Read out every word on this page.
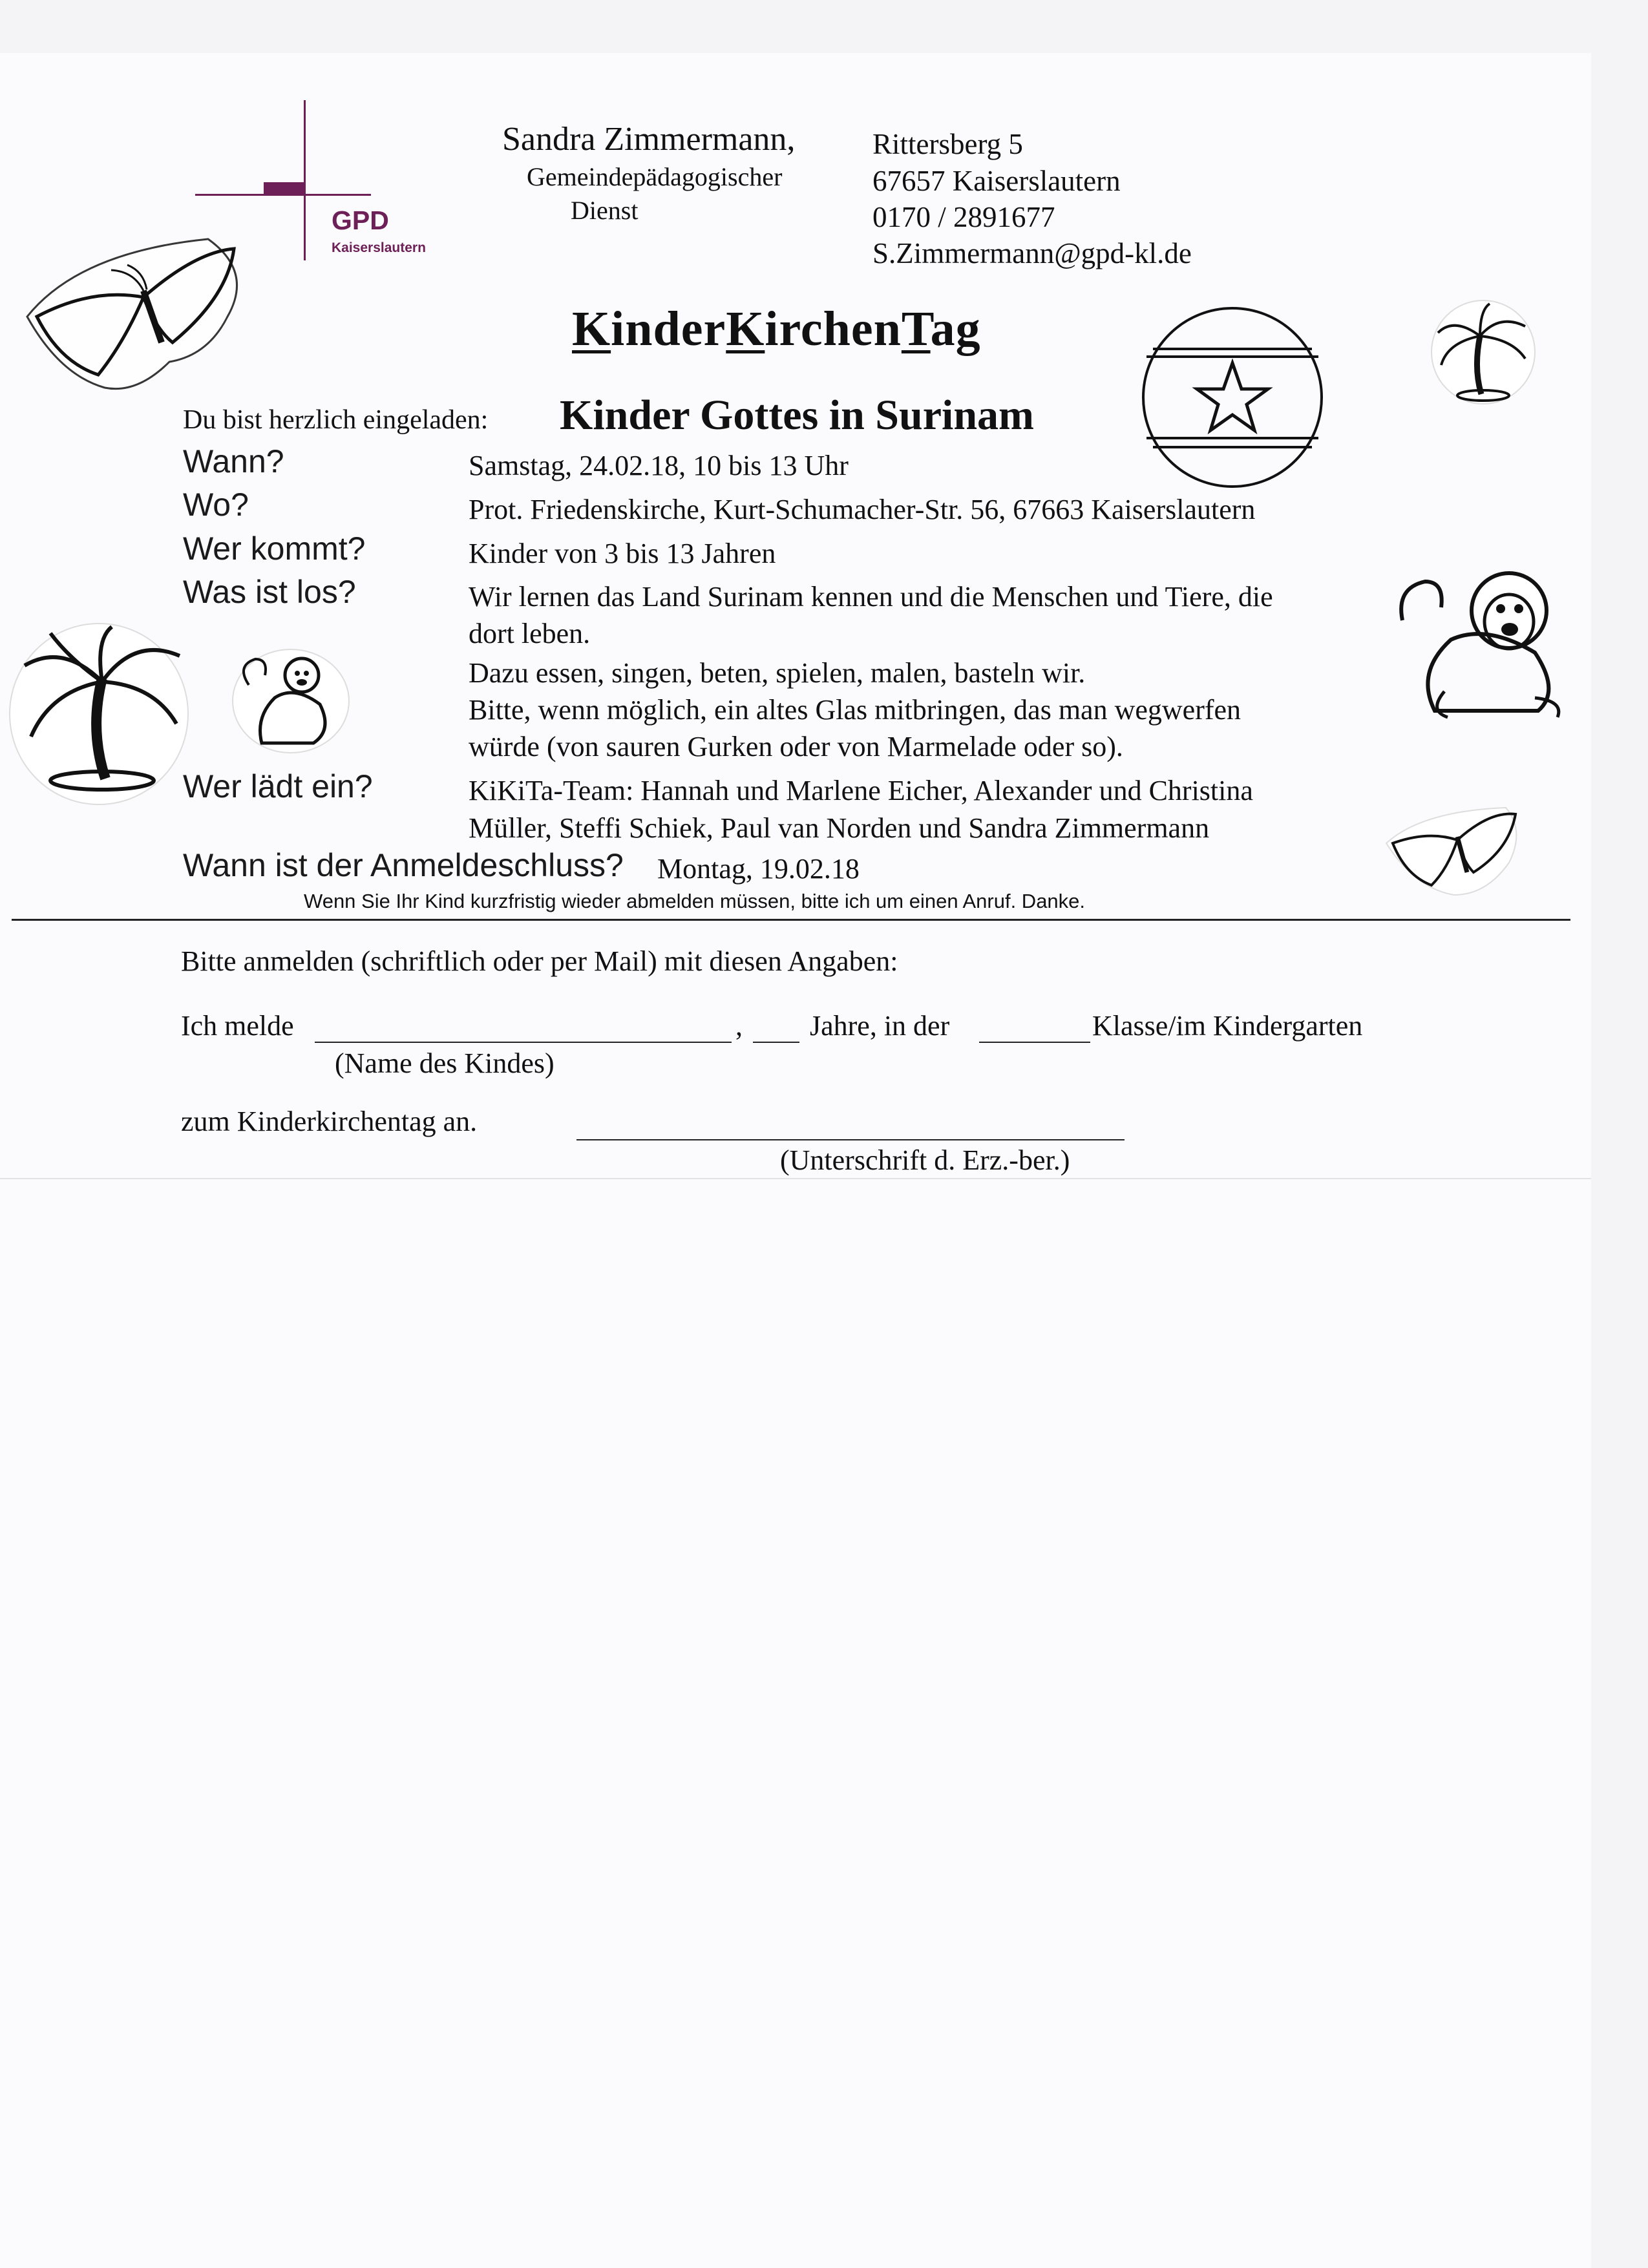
GPD
Kaiserslautern
Sandra Zimmermann,
Gemeindepädagogischer
Dienst
Rittersberg 5
67657 Kaiserslautern
0170 / 2891677
S.Zimmermann@gpd-kl.de
KinderKirchenTag
Du bist herzlich eingeladen: Kinder Gottes in Surinam
Wann?	Samstag, 24.02.18, 10 bis 13 Uhr
Wo?	Prot. Friedenskirche, Kurt-Schumacher-Str. 56, 67663 Kaiserslautern
Wer kommt?	Kinder von 3 bis 13 Jahren
Was ist los?	Wir lernen das Land Surinam kennen und die Menschen und Tiere, die
dort leben.
Dazu essen, singen, beten, spielen, malen, basteln wir.
Bitte, wenn möglich, ein altes Glas mitbringen, das man wegwerfen
würde (von sauren Gurken oder von Marmelade oder so).
Wer lädt ein?	KiKiTa-Team: Hannah und Marlene Eicher, Alexander und Christina
Müller, Steffi Schiek, Paul van Norden und Sandra Zimmermann
Wann ist der Anmeldeschluss? Montag, 19.02.18
Wenn Sie Ihr Kind kurzfristig wieder abmelden müssen, bitte ich um einen Anruf. Danke.
Bitte anmelden (schriftlich oder per Mail) mit diesen Angaben:
Ich melde	, Jahre, in der	Klasse/im Kindergarten
(Name des Kindes)
zum Kinderkirchentag an.
(Unterschrift d. Erz.-ber.)
